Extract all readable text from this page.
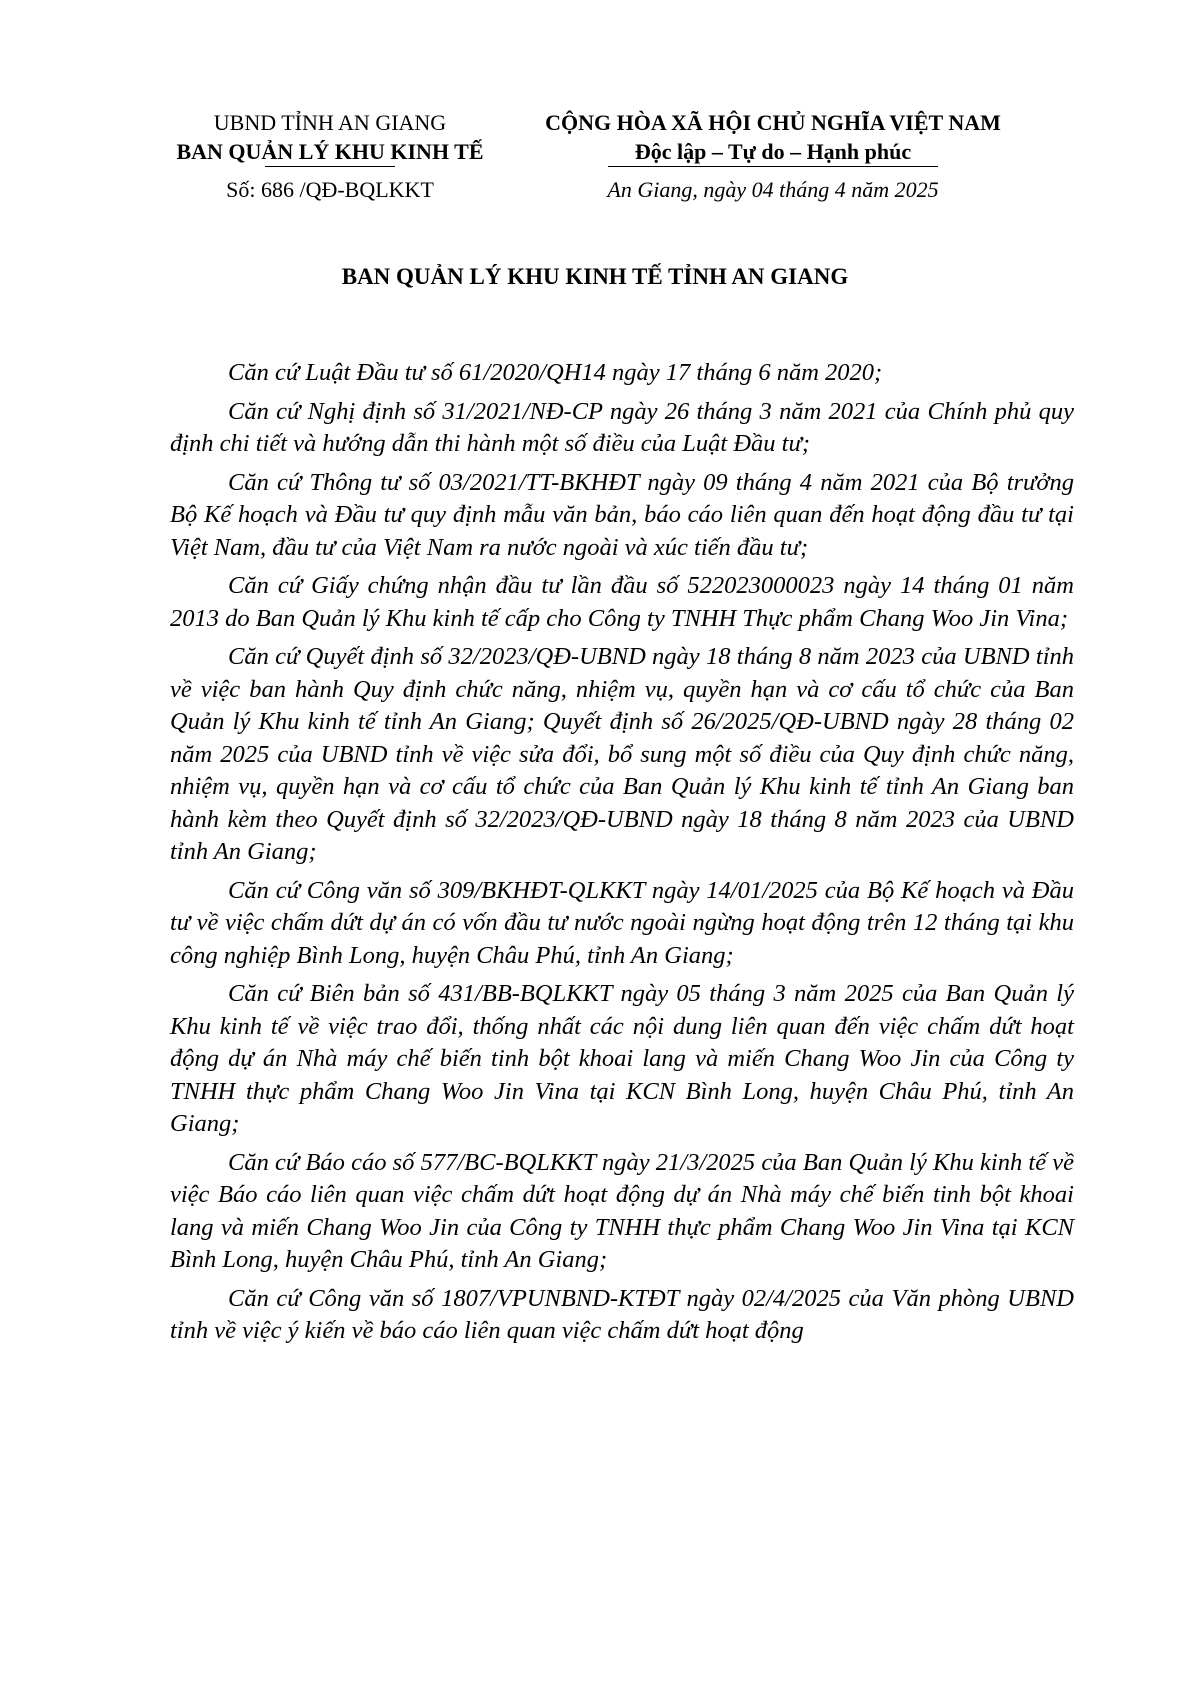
UBND TỈNH AN GIANG
BAN QUẢN LÝ KHU KINH TẾ
Số: 686 /QĐ-BQLKKT
CỘNG HÒA XÃ HỘI CHỦ NGHĨA VIỆT NAM
Độc lập – Tự do – Hạnh phúc
An Giang, ngày 04 tháng 4 năm 2025
BAN QUẢN LÝ KHU KINH TẾ TỈNH AN GIANG

Căn cứ Luật Đầu tư số 61/2020/QH14 ngày 17 tháng 6 năm 2020;

Căn cứ Nghị định số 31/2021/NĐ-CP ngày 26 tháng 3 năm 2021 của Chính phủ quy định chi tiết và hướng dẫn thi hành một số điều của Luật Đầu tư;

Căn cứ Thông tư số 03/2021/TT-BKHĐT ngày 09 tháng 4 năm 2021 của Bộ trưởng Bộ Kế hoạch và Đầu tư quy định mẫu văn bản, báo cáo liên quan đến hoạt động đầu tư tại Việt Nam, đầu tư của Việt Nam ra nước ngoài và xúc tiến đầu tư;

Căn cứ Giấy chứng nhận đầu tư lần đầu số 522023000023 ngày 14 tháng 01 năm 2013 do Ban Quản lý Khu kinh tế cấp cho Công ty TNHH Thực phẩm Chang Woo Jin Vina;

Căn cứ Quyết định số 32/2023/QĐ-UBND ngày 18 tháng 8 năm 2023 của UBND tỉnh về việc ban hành Quy định chức năng, nhiệm vụ, quyền hạn và cơ cấu tổ chức của Ban Quản lý Khu kinh tế tỉnh An Giang; Quyết định số 26/2025/QĐ-UBND ngày 28 tháng 02 năm 2025 của UBND tỉnh về việc sửa đổi, bổ sung một số điều của Quy định chức năng, nhiệm vụ, quyền hạn và cơ cấu tổ chức của Ban Quản lý Khu kinh tế tỉnh An Giang ban hành kèm theo Quyết định số 32/2023/QĐ-UBND ngày 18 tháng 8 năm 2023 của UBND tỉnh An Giang;

Căn cứ Công văn số 309/BKHĐT-QLKKT ngày 14/01/2025 của Bộ Kế hoạch và Đầu tư về việc chấm dứt dự án có vốn đầu tư nước ngoài ngừng hoạt động trên 12 tháng tại khu công nghiệp Bình Long, huyện Châu Phú, tỉnh An Giang;

Căn cứ Biên bản số 431/BB-BQLKKT ngày 05 tháng 3 năm 2025 của Ban Quản lý Khu kinh tế về việc trao đổi, thống nhất các nội dung liên quan đến việc chấm dứt hoạt động dự án Nhà máy chế biến tinh bột khoai lang và miến Chang Woo Jin của Công ty TNHH thực phẩm Chang Woo Jin Vina tại KCN Bình Long, huyện Châu Phú, tỉnh An Giang;

Căn cứ Báo cáo số 577/BC-BQLKKT ngày 21/3/2025 của Ban Quản lý Khu kinh tế về việc Báo cáo liên quan việc chấm dứt hoạt động dự án Nhà máy chế biến tinh bột khoai lang và miến Chang Woo Jin của Công ty TNHH thực phẩm Chang Woo Jin Vina tại KCN Bình Long, huyện Châu Phú, tỉnh An Giang;

Căn cứ Công văn số 1807/VPUNBND-KTĐT ngày 02/4/2025 của Văn phòng UBND tỉnh về việc ý kiến về báo cáo liên quan việc chấm dứt hoạt động
